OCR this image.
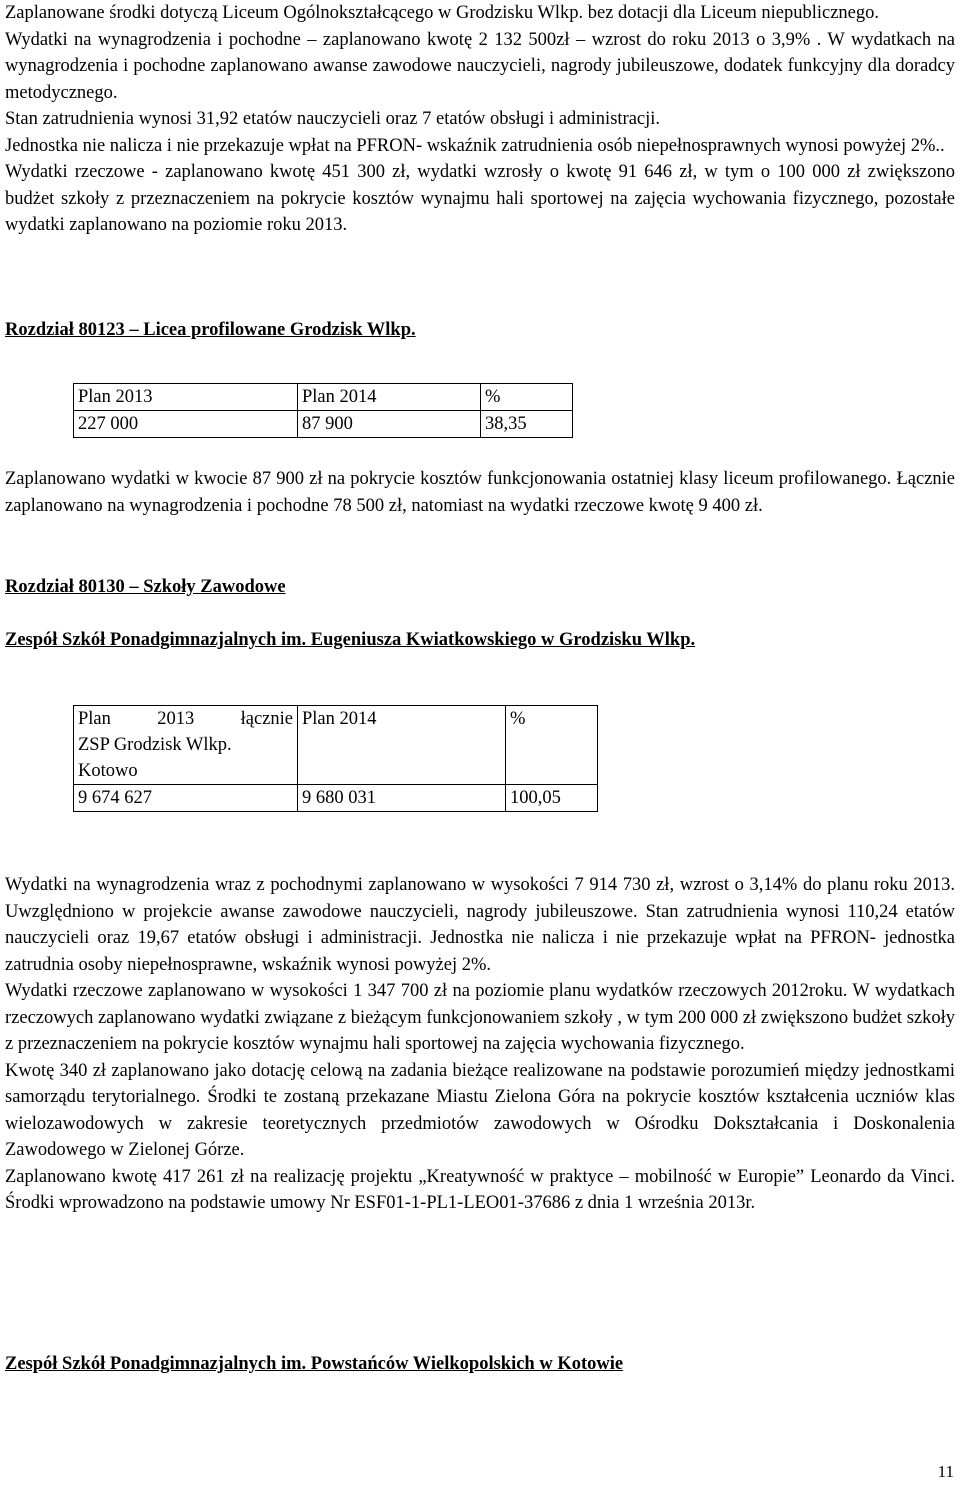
Zaplanowane środki dotyczą Liceum Ogólnokształcącego w Grodzisku Wlkp. bez dotacji dla Liceum niepublicznego.

Wydatki na wynagrodzenia i pochodne – zaplanowano kwotę 2 132 500zł – wzrost do roku 2013 o 3,9% . W wydatkach na wynagrodzenia i pochodne zaplanowano awanse zawodowe nauczycieli, nagrody jubileuszowe, dodatek funkcyjny dla doradcy metodycznego.

Stan zatrudnienia wynosi 31,92 etatów nauczycieli oraz 7 etatów obsługi i administracji.

Jednostka nie nalicza i nie przekazuje wpłat na PFRON- wskaźnik zatrudnienia osób niepełnosprawnych wynosi powyżej 2%..

Wydatki rzeczowe - zaplanowano kwotę 451 300 zł, wydatki wzrosły o kwotę 91 646 zł, w tym o 100 000 zł zwiększono budżet szkoły z przeznaczeniem na pokrycie kosztów wynajmu hali sportowej na zajęcia wychowania fizycznego, pozostałe wydatki zaplanowano na poziomie roku 2013.

Rozdział 80123 – Licea profilowane Grodzisk Wlkp.
Plan 2013	Plan 2014	%
227 000	87 900	38,35

Zaplanowano wydatki w kwocie 87 900 zł na pokrycie kosztów funkcjonowania ostatniej klasy liceum profilowanego. Łącznie zaplanowano na wynagrodzenia i pochodne 78 500 zł, natomiast na wydatki rzeczowe kwotę 9 400 zł.

Rozdział 80130 – Szkoły Zawodowe
Zespół Szkół Ponadgimnazjalnych im. Eugeniusza Kwiatkowskiego w Grodzisku Wlkp.
Plan 2013 łącznie
ZSP Grodzisk Wlkp.
Kotowo	Plan 2014	%
9 674 627	9 680 031	100,05

Wydatki na wynagrodzenia wraz z pochodnymi zaplanowano w wysokości 7 914 730 zł, wzrost o 3,14% do planu roku 2013. Uwzględniono w projekcie awanse zawodowe nauczycieli, nagrody jubileuszowe. Stan zatrudnienia wynosi 110,24 etatów nauczycieli oraz 19,67 etatów obsługi i administracji. Jednostka nie nalicza i nie przekazuje wpłat na PFRON- jednostka zatrudnia osoby niepełnosprawne, wskaźnik wynosi powyżej 2%.

Wydatki rzeczowe zaplanowano w wysokości 1 347 700 zł na poziomie planu wydatków rzeczowych 2012roku. W wydatkach rzeczowych zaplanowano wydatki związane z bieżącym funkcjonowaniem szkoły , w tym 200 000 zł zwiększono budżet szkoły z przeznaczeniem na pokrycie kosztów wynajmu hali sportowej na zajęcia wychowania fizycznego.

Kwotę 340 zł zaplanowano jako dotację celową na zadania bieżące realizowane na podstawie porozumień między jednostkami samorządu terytorialnego. Środki te zostaną przekazane Miastu Zielona Góra na pokrycie kosztów kształcenia uczniów klas wielozawodowych w zakresie teoretycznych przedmiotów zawodowych w Ośrodku Dokształcania i Doskonalenia Zawodowego w Zielonej Górze.

Zaplanowano kwotę 417 261 zł na realizację projektu „Kreatywność w praktyce – mobilność w Europie” Leonardo da Vinci. Środki wprowadzono na podstawie umowy Nr ESF01-1-PL1-LEO01-37686 z dnia 1 września 2013r.

Zespół Szkół Ponadgimnazjalnych im. Powstańców Wielkopolskich w Kotowie
11
